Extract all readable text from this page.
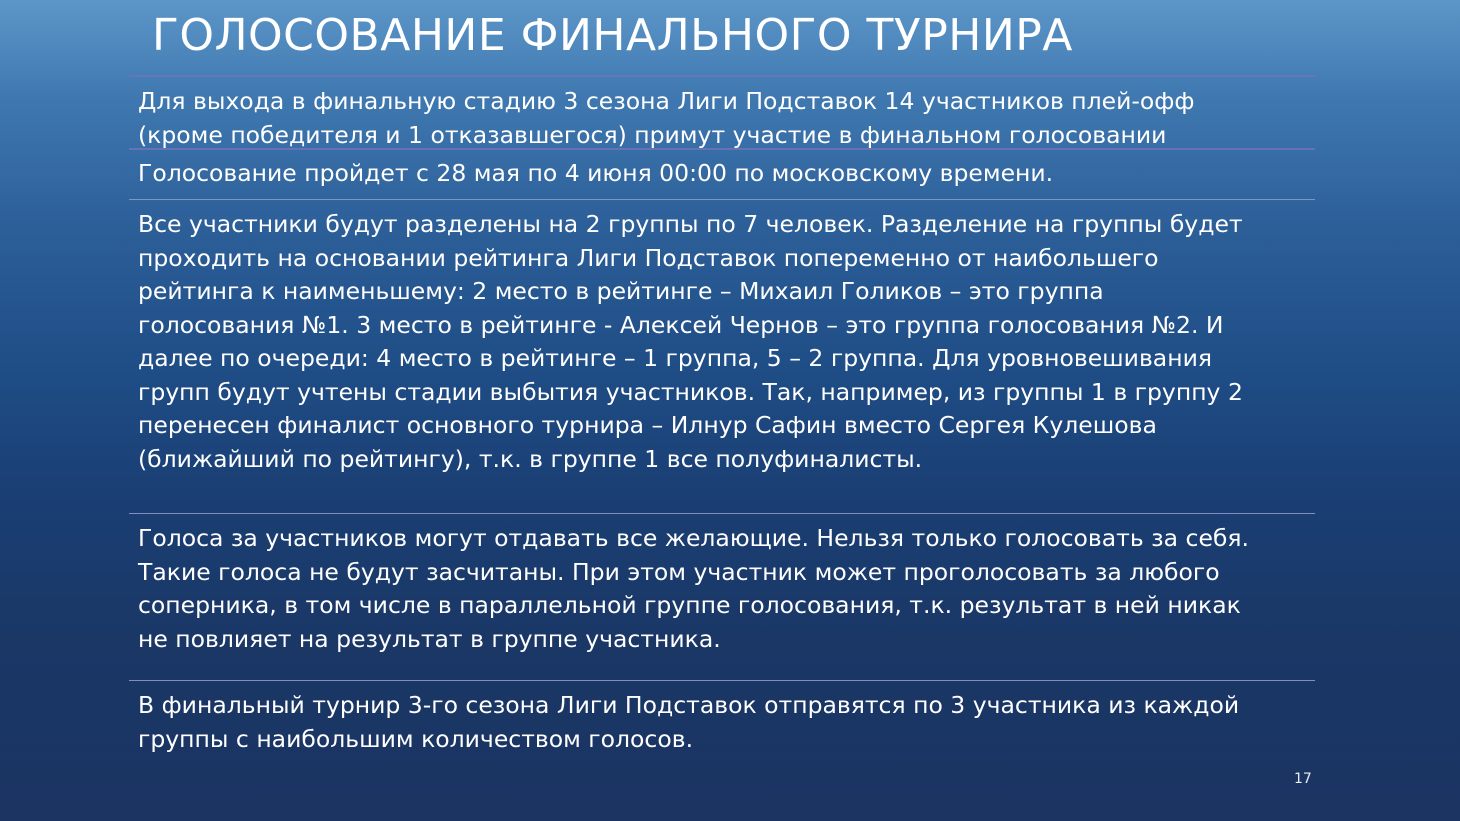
ГОЛОСОВАНИЕ ФИНАЛЬНОГО ТУРНИРА

Для выхода в финальную стадию 3 сезона Лиги Подставок 14 участников плей-офф
(кроме победителя и 1 отказавшегося) примут участие в финальном голосовании

Голосование пройдет с 28 мая по 4 июня 00:00 по московскому времени.

Все участники будут разделены на 2 группы по 7 человек. Разделение на группы будет
проходить на основании рейтинга Лиги Подставок попеременно от наибольшего
рейтинга к наименьшему: 2 место в рейтинге – Михаил Голиков – это группа
голосования №1. 3 место в рейтинге - Алексей Чернов – это группа голосования №2. И
далее по очереди: 4 место в рейтинге – 1 группа, 5 – 2 группа. Для уровновешивания
групп будут учтены стадии выбытия участников. Так, например, из группы 1 в группу 2
перенесен финалист основного турнира – Илнур Сафин вместо Сергея Кулешова
(ближайший по рейтингу), т.к. в группе 1 все полуфиналисты.

Голоса за участников могут отдавать все желающие. Нельзя только голосовать за себя.
Такие голоса не будут засчитаны. При этом участник может проголосовать за любого
соперника, в том числе в параллельной группе голосования, т.к. результат в ней никак
не повлияет на результат в группе участника.

В финальный турнир 3-го сезона Лиги Подставок отправятся по 3 участника из каждой
группы с наибольшим количеством голосов.

17
